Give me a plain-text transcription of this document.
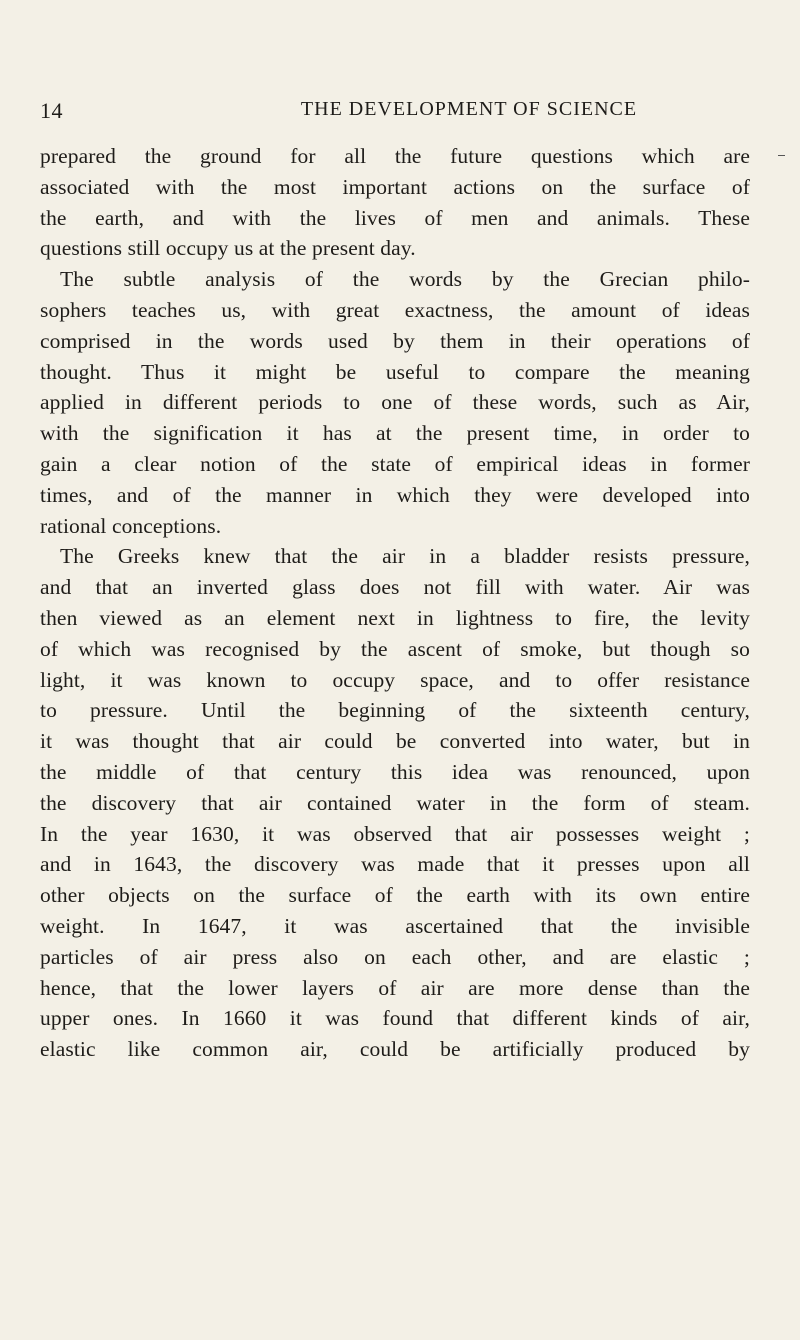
14	THE DEVELOPMENT OF SCIENCE
prepared the ground for all the future questions which are
associated with the most important actions on the surface of
the earth, and with the lives of men and animals. These
questions still occupy us at the present day.
The subtle analysis of the words by the Grecian philo-
sophers teaches us, with great exactness, the amount of ideas
comprised in the words used by them in their operations of
thought. Thus it might be useful to compare the meaning
applied in different periods to one of these words, such as Air,
with the signification it has at the present time, in order to
gain a clear notion of the state of empirical ideas in former
times, and of the manner in which they were developed into
rational conceptions.
The Greeks knew that the air in a bladder resists pressure,
and that an inverted glass does not fill with water. Air was
then viewed as an element next in lightness to fire, the levity
of which was recognised by the ascent of smoke, but though so
light, it was known to occupy space, and to offer resistance
to pressure. Until the beginning of the sixteenth century,
it was thought that air could be converted into water, but in
the middle of that century this idea was renounced, upon
the discovery that air contained water in the form of steam.
In the year 1630, it was observed that air possesses weight ;
and in 1643, the discovery was made that it presses upon all
other objects on the surface of the earth with its own entire
weight. In 1647, it was ascertained that the invisible
particles of air press also on each other, and are elastic ;
hence, that the lower layers of air are more dense than the
upper ones. In 1660 it was found that different kinds of air,
elastic like common air, could be artificially produced by
